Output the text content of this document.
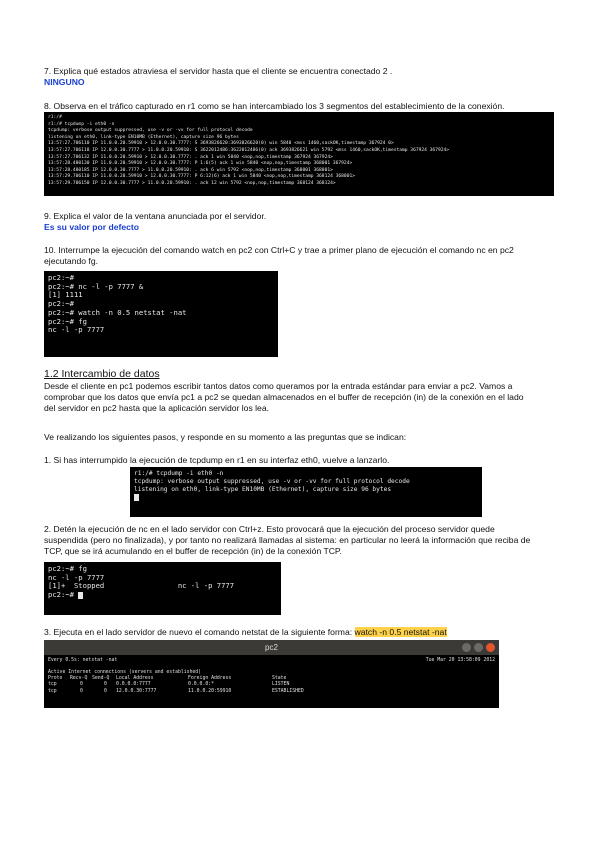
7. Explica qué estados atraviesa el servidor hasta que el cliente se encuentra conectado 2 .
NINGUNO
8. Observa en el tráfico capturado en r1 como se han intercambiado los 3 segmentos del establecimiento de la conexión.
r1:/#
r1:/# tcpdump -i eth0 -n
tcpdump: verbose output suppressed, use -v or -vv for full protocol decode
listening on eth0, link-type EN10MB (Ethernet), capture size 96 bytes
13:57:27.706110 IP 11.0.0.20.59910 > 12.0.0.30.7777: S 3693826620:3693826620(0) win 5840 <mss 1460,sackOK,timestamp 367924 0>
13:57:27.706118 IP 12.0.0.30.7777 > 11.0.0.20.59910: S 3622012486:3622012486(0) ack 3693826621 win 5792 <mss 1460,sackOK,timestamp 367924 367924>
13:57:27.706132 IP 11.0.0.20.59910 > 12.0.0.30.7777: . ack 1 win 5840 <nop,nop,timestamp 367924 367924>
13:57:28.480130 IP 11.0.0.20.59910 > 12.0.0.30.7777: P 1:6(5) ack 1 win 5840 <nop,nop,timestamp 368001 367924>
13:57:28.480185 IP 12.0.0.30.7777 > 11.0.0.20.59910: . ack 6 win 5792 <nop,nop,timestamp 368001 368001>
13:57:29.706110 IP 11.0.0.20.59910 > 12.0.0.30.7777: P 6:12(6) ack 1 win 5840 <nop,nop,timestamp 368124 368001>
13:57:29.706150 IP 12.0.0.30.7777 > 11.0.0.20.59910: . ack 12 win 5792 <nop,nop,timestamp 368124 368124>
9. Explica el valor de la ventana anunciada por el servidor.
Es su valor por defecto
10. Interrumpe la ejecución del comando watch en pc2 con Ctrl+C y trae a primer plano de ejecución el comando nc en pc2
ejecutando fg.
pc2:~#
pc2:~# nc -l -p 7777 &
[1] 1111
pc2:~#
pc2:~# watch -n 0.5 netstat -nat
pc2:~# fg
nc -l -p 7777
1.2 Intercambio de datos
Desde el cliente en pc1 podemos escribir tantos datos como queramos por la entrada estándar para enviar a pc2. Vamos a
comprobar que los datos que envía pc1 a pc2 se quedan almacenados en el buffer de recepción (in) de la conexión en el lado
del servidor en pc2 hasta que la aplicación servidor los lea.
Ve realizando los siguientes pasos, y responde en su momento a las preguntas que se indican:
1. Si has interrumpido la ejecución de tcpdump en r1 en su interfaz eth0, vuelve a lanzarlo.
r1:/# tcpdump -i eth0 -n
tcpdump: verbose output suppressed, use -v or -vv for full protocol decode
listening on eth0, link-type EN10MB (Ethernet), capture size 96 bytes
2. Detén la ejecución de nc en el lado servidor con Ctrl+z. Esto provocará que la ejecución del proceso servidor quede
suspendida (pero no finalizada), y por tanto no realizará llamadas al sistema: en particular no leerá la información que reciba de
TCP, que se irá acumulando en el buffer de recepción (in) de la conexión TCP.
pc2:~# fg
nc -l -p 7777
[1]+  Stopped                 nc -l -p 7777
pc2:~#
3. Ejecuta en el lado servidor de nuevo el comando netstat de la siguiente forma: watch -n 0.5 netstat -nat
pc2
Every 0.5s: netstat -nat	Tue Mar 20 13:58:09 2012
Active Internet connections (servers and established)
Proto Recv-Q Send-Q Local Address	Foreign Address	State
tcp	0	0 0.0.0.0:7777	0.0.0.0:*	LISTEN
tcp	0	0 12.0.0.30:7777	11.0.0.20:59910	ESTABLISHED
